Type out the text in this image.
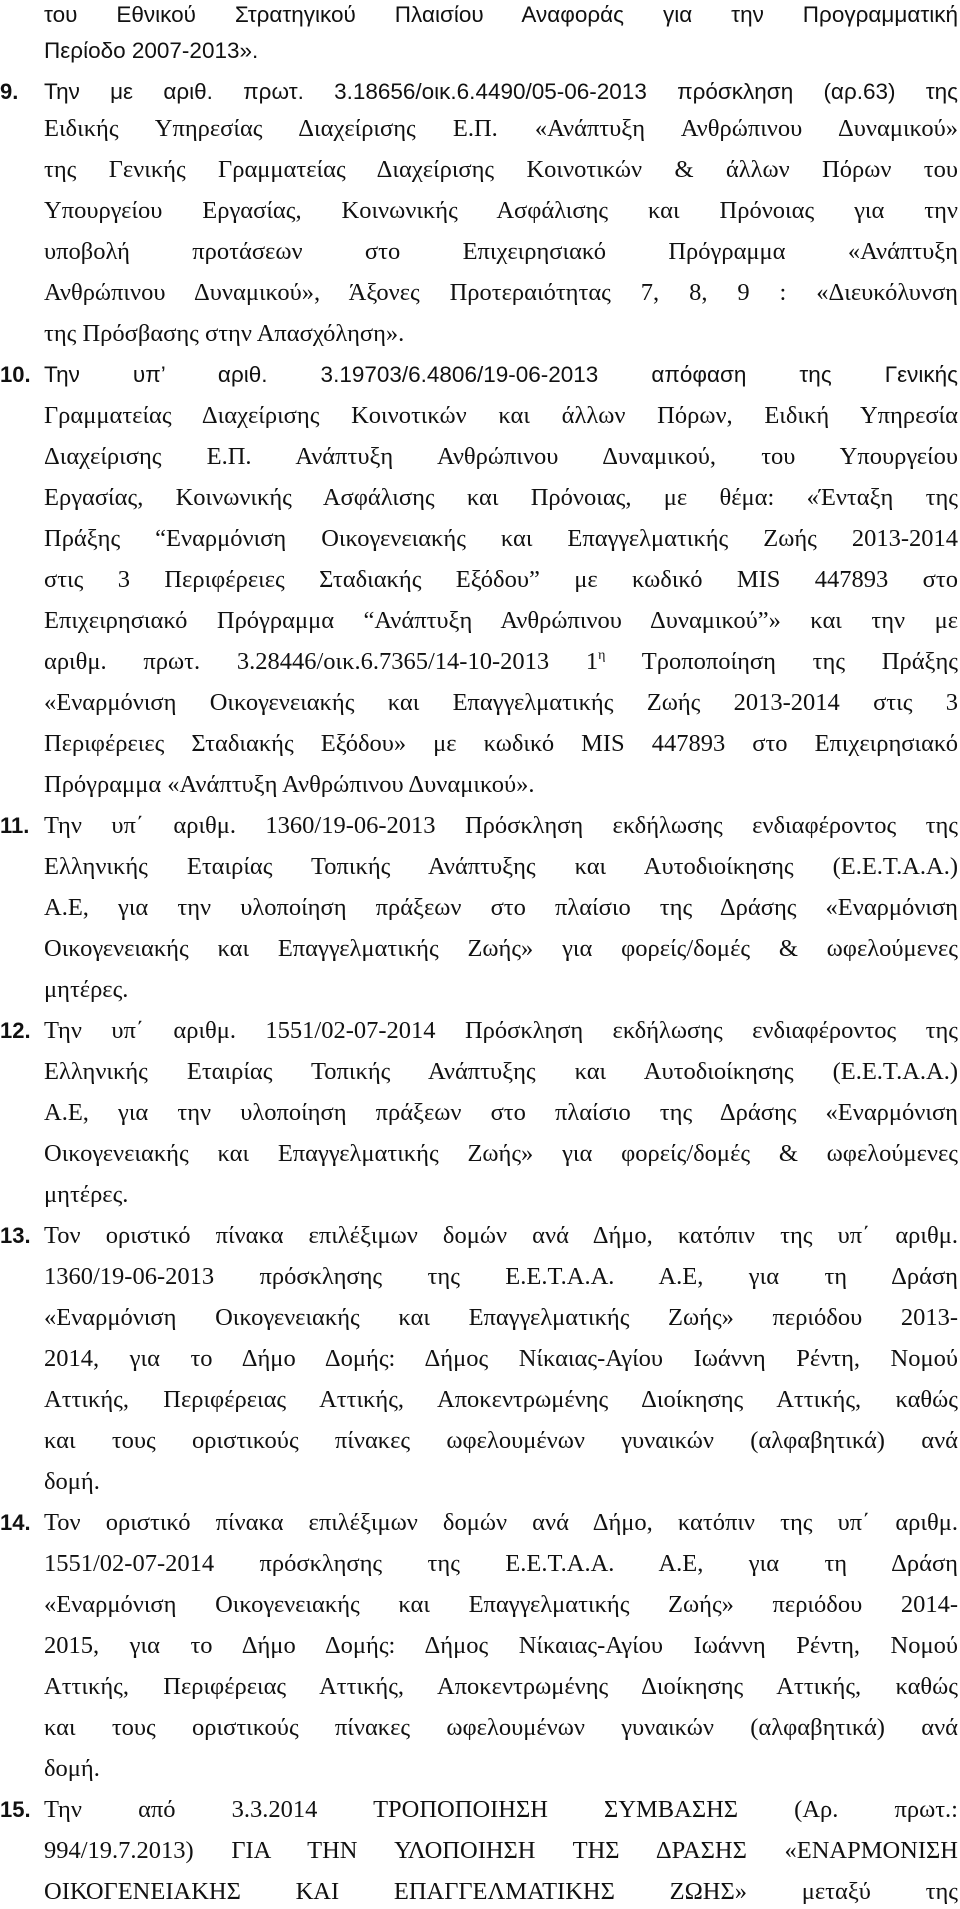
του Εθνικού Στρατηγικού Πλαισίου Αναφοράς για την Προγραμματική
Περίοδο 2007-2013».
9. Την με αριθ. πρωτ. 3.18656/οικ.6.4490/05-06-2013 πρόσκληση (αρ.63) της
Ειδικής Υπηρεσίας Διαχείρισης Ε.Π. «Ανάπτυξη Ανθρώπινου Δυναμικού»
της Γενικής Γραμματείας Διαχείρισης Κοινοτικών & άλλων Πόρων του
Υπουργείου Εργασίας, Κοινωνικής Ασφάλισης και Πρόνοιας για την
υποβολή προτάσεων στο Επιχειρησιακό Πρόγραμμα «Ανάπτυξη
Ανθρώπινου Δυναμικού», Άξονες Προτεραιότητας 7, 8, 9 : «Διευκόλυνση
της Πρόσβασης στην Απασχόληση».
10. Την υπ’ αριθ. 3.19703/6.4806/19-06-2013 απόφαση της Γενικής
Γραμματείας Διαχείρισης Κοινοτικών και άλλων Πόρων, Ειδική Υπηρεσία
Διαχείρισης Ε.Π. Ανάπτυξη Ανθρώπινου Δυναμικού, του Υπουργείου
Εργασίας, Κοινωνικής Ασφάλισης και Πρόνοιας, με θέμα: «Ένταξη της
Πράξης “Εναρμόνιση Οικογενειακής και Επαγγελματικής Ζωής 2013-2014
στις 3 Περιφέρειες Σταδιακής Εξόδου” με κωδικό MIS 447893 στο
Επιχειρησιακό Πρόγραμμα “Ανάπτυξη Ανθρώπινου Δυναμικού”» και την με
αριθμ. πρωτ. 3.28446/οικ.6.7365/14-10-2013 $1^\eta$ Τροποποίηση της Πράξης
«Εναρμόνιση Οικογενειακής και Επαγγελματικής Ζωής 2013-2014 στις 3
Περιφέρειες Σταδιακής Εξόδου» με κωδικό MIS 447893 στο Επιχειρησιακό
Πρόγραμμα «Ανάπτυξη Ανθρώπινου Δυναμικού».
11. Την υπ΄ αριθμ. 1360/19-06-2013 Πρόσκληση εκδήλωσης ενδιαφέροντος της
Ελληνικής Εταιρίας Τοπικής Ανάπτυξης και Αυτοδιοίκησης (Ε.Ε.Τ.Α.Α.)
Α.Ε, για την υλοποίηση πράξεων στο πλαίσιο της Δράσης «Εναρμόνιση
Οικογενειακής και Επαγγελματικής Ζωής» για φορείς/δομές & ωφελούμενες
μητέρες.
12. Την υπ΄ αριθμ. 1551/02-07-2014 Πρόσκληση εκδήλωσης ενδιαφέροντος της
Ελληνικής Εταιρίας Τοπικής Ανάπτυξης και Αυτοδιοίκησης (Ε.Ε.Τ.Α.Α.)
Α.Ε, για την υλοποίηση πράξεων στο πλαίσιο της Δράσης «Εναρμόνιση
Οικογενειακής και Επαγγελματικής Ζωής» για φορείς/δομές & ωφελούμενες
μητέρες.
13. Τον οριστικό πίνακα επιλέξιμων δομών ανά Δήμο, κατόπιν της υπ΄ αριθμ.
1360/19-06-2013 πρόσκλησης της Ε.Ε.Τ.Α.Α. Α.Ε, για τη Δράση
«Εναρμόνιση Οικογενειακής και Επαγγελματικής Ζωής» περιόδου 2013-
2014, για το Δήμο Δομής: Δήμος Νίκαιας-Αγίου Ιωάννη Ρέντη, Νομού
Αττικής, Περιφέρειας Αττικής, Αποκεντρωμένης Διοίκησης Αττικής, καθώς
και τους οριστικούς πίνακες ωφελουμένων γυναικών (αλφαβητικά) ανά
δομή.
14. Τον οριστικό πίνακα επιλέξιμων δομών ανά Δήμο, κατόπιν της υπ΄ αριθμ.
1551/02-07-2014 πρόσκλησης της Ε.Ε.Τ.Α.Α. Α.Ε, για τη Δράση
«Εναρμόνιση Οικογενειακής και Επαγγελματικής Ζωής» περιόδου 2014-
2015, για το Δήμο Δομής: Δήμος Νίκαιας-Αγίου Ιωάννη Ρέντη, Νομού
Αττικής, Περιφέρειας Αττικής, Αποκεντρωμένης Διοίκησης Αττικής, καθώς
και τους οριστικούς πίνακες ωφελουμένων γυναικών (αλφαβητικά) ανά
δομή.
15. Την από 3.3.2014 ΤΡΟΠΟΠΟΙΗΣΗ ΣΥΜΒΑΣΗΣ (Αρ. πρωτ.:
994/19.7.2013) ΓΙΑ ΤΗΝ ΥΛΟΠΟΙΗΣΗ ΤΗΣ ΔΡΑΣΗΣ «ΕΝΑΡΜΟΝΙΣΗ
ΟΙΚΟΓΕΝΕΙΑΚΗΣ ΚΑΙ ΕΠΑΓΓΕΛΜΑΤΙΚΗΣ ΖΩΗΣ» μεταξύ της
